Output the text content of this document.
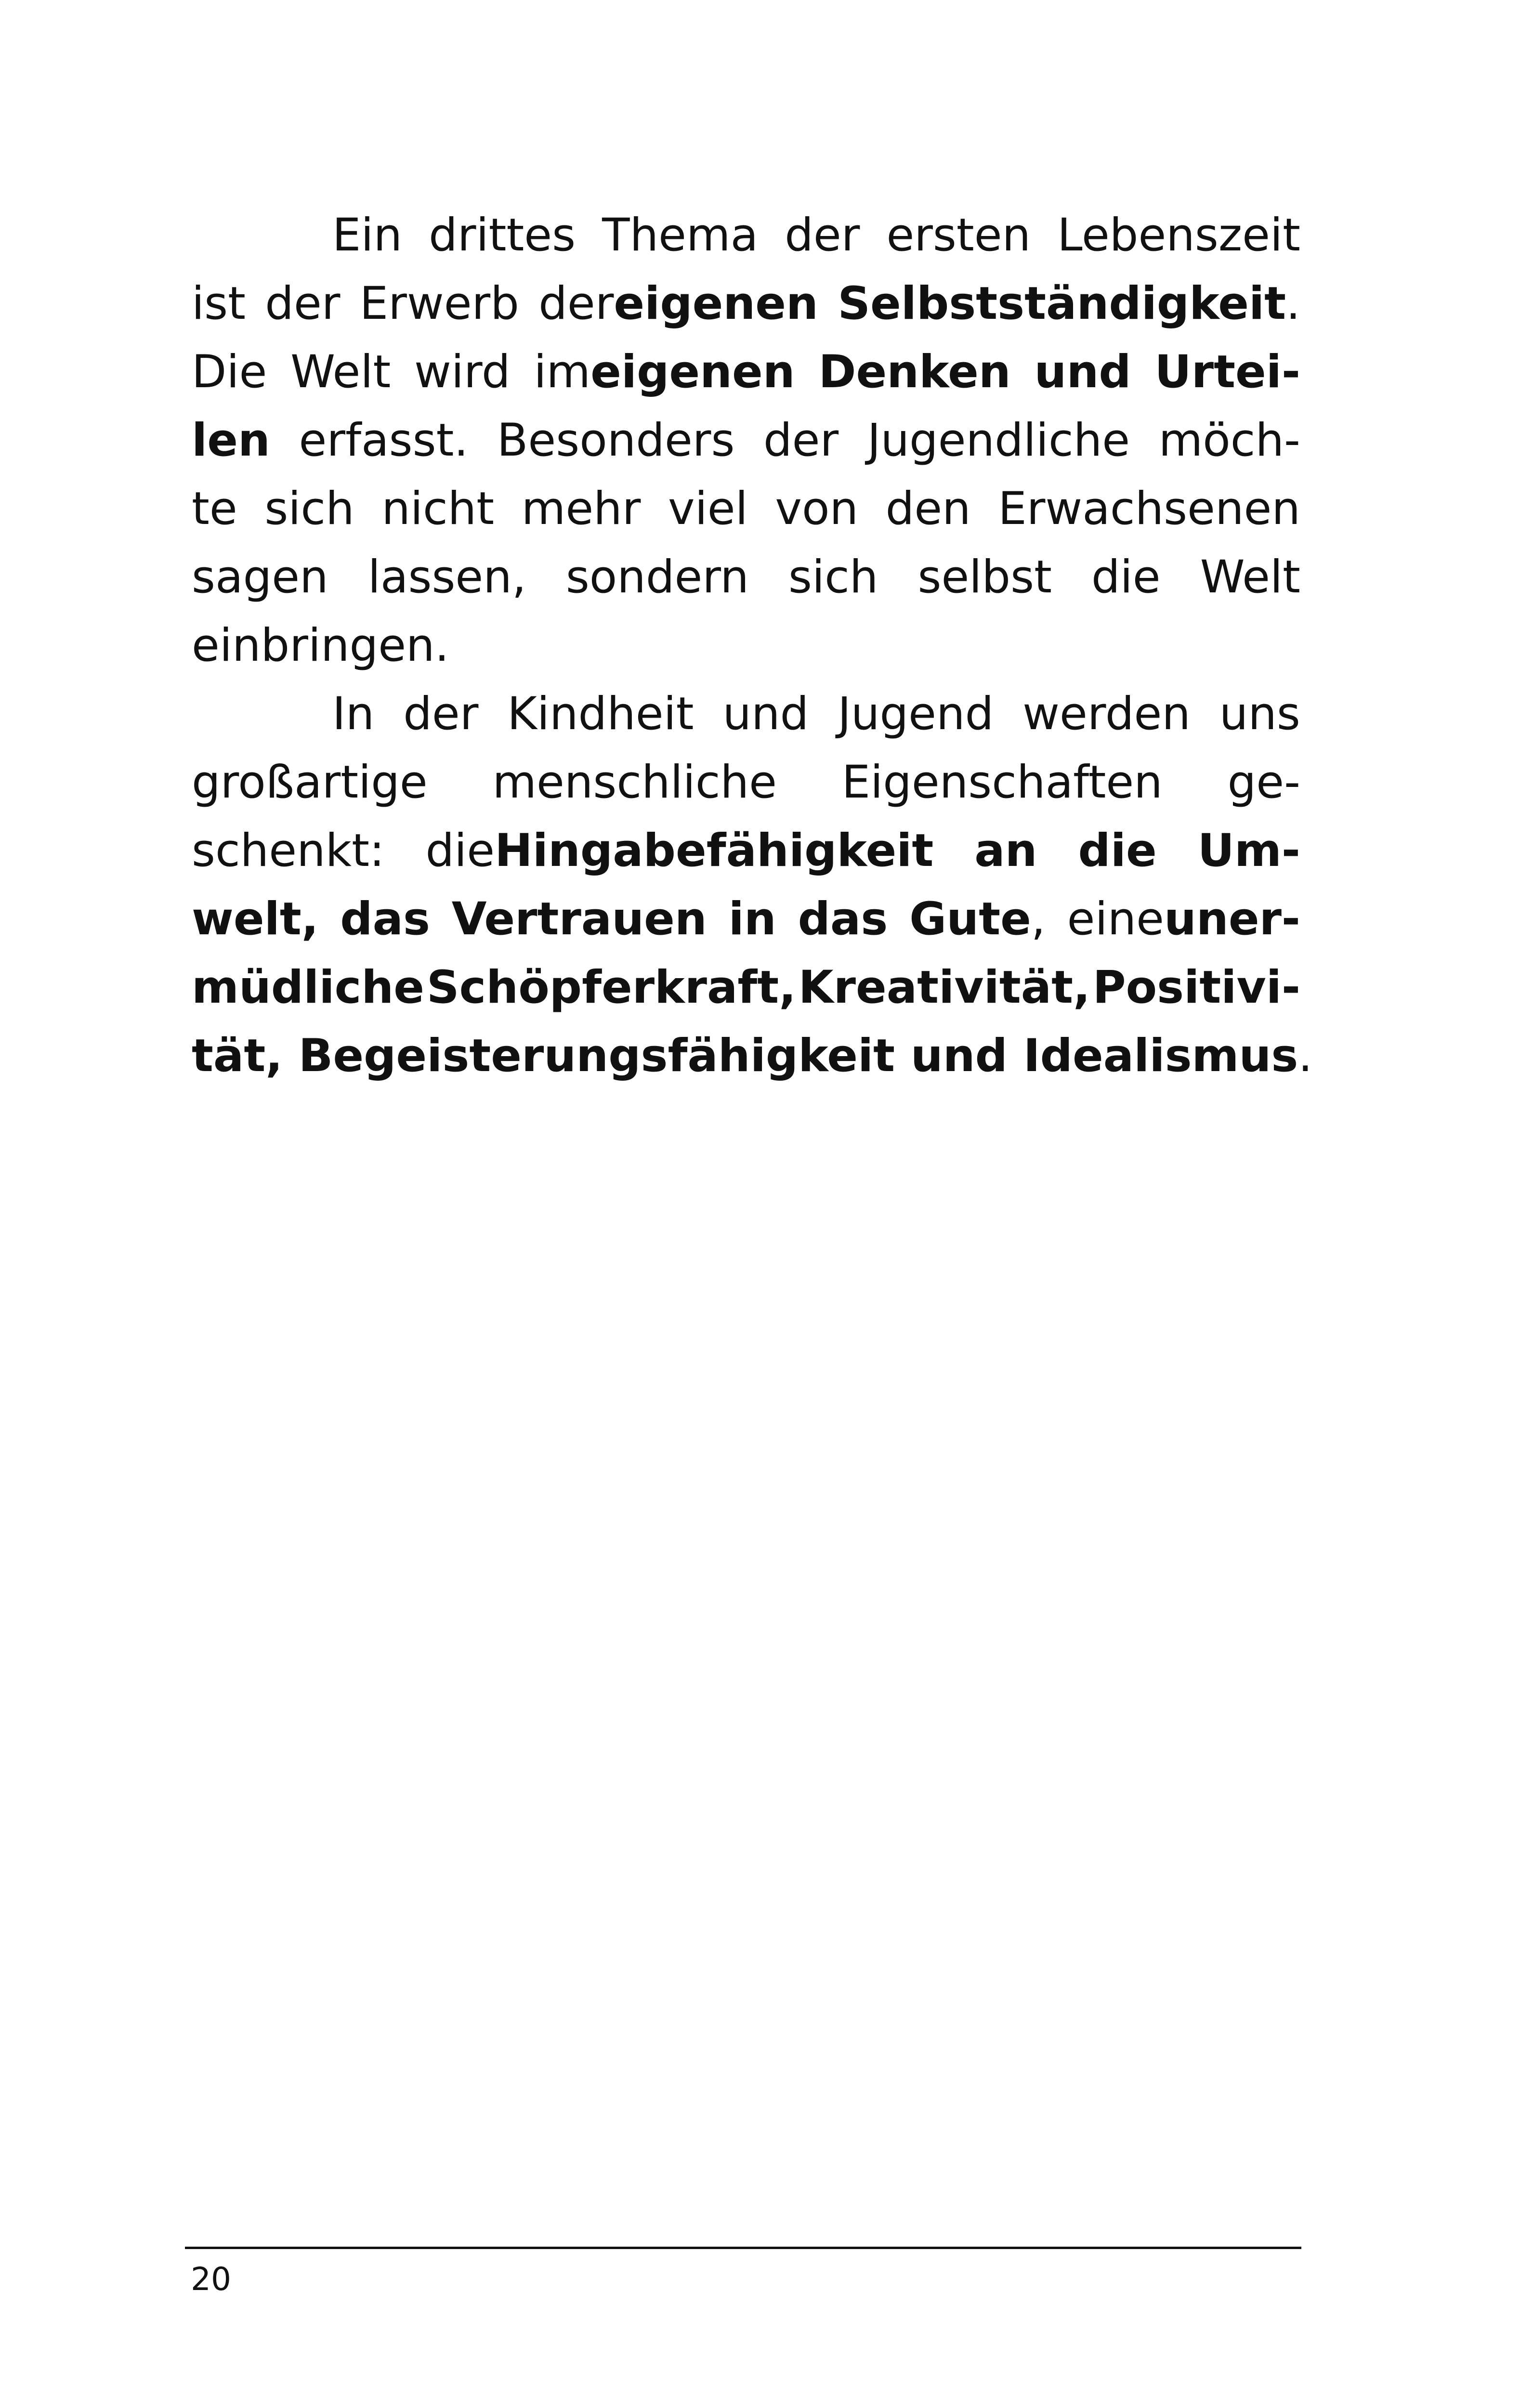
Ein drittes Thema der ersten Lebenszeit
ist der Erwerb dereigenen Selbstständigkeit.
Die Welt wird imeigenen Denken und Urtei-
len erfasst. Besonders der Jugendliche möch-
te sich nicht mehr viel von den Erwachsenen
sagen lassen, sondern sich selbst die Welt
einbringen.
In der Kindheit und Jugend werden uns
großartige menschliche Eigenschaften ge-
schenkt: dieHingabefähigkeit an die Um-
welt, das Vertrauen in das Gute, eineuner-
müdliche Schöpferkraft, Kreativität, Positivi-
tät, Begeisterungsfähigkeit und Idealismus.
20
